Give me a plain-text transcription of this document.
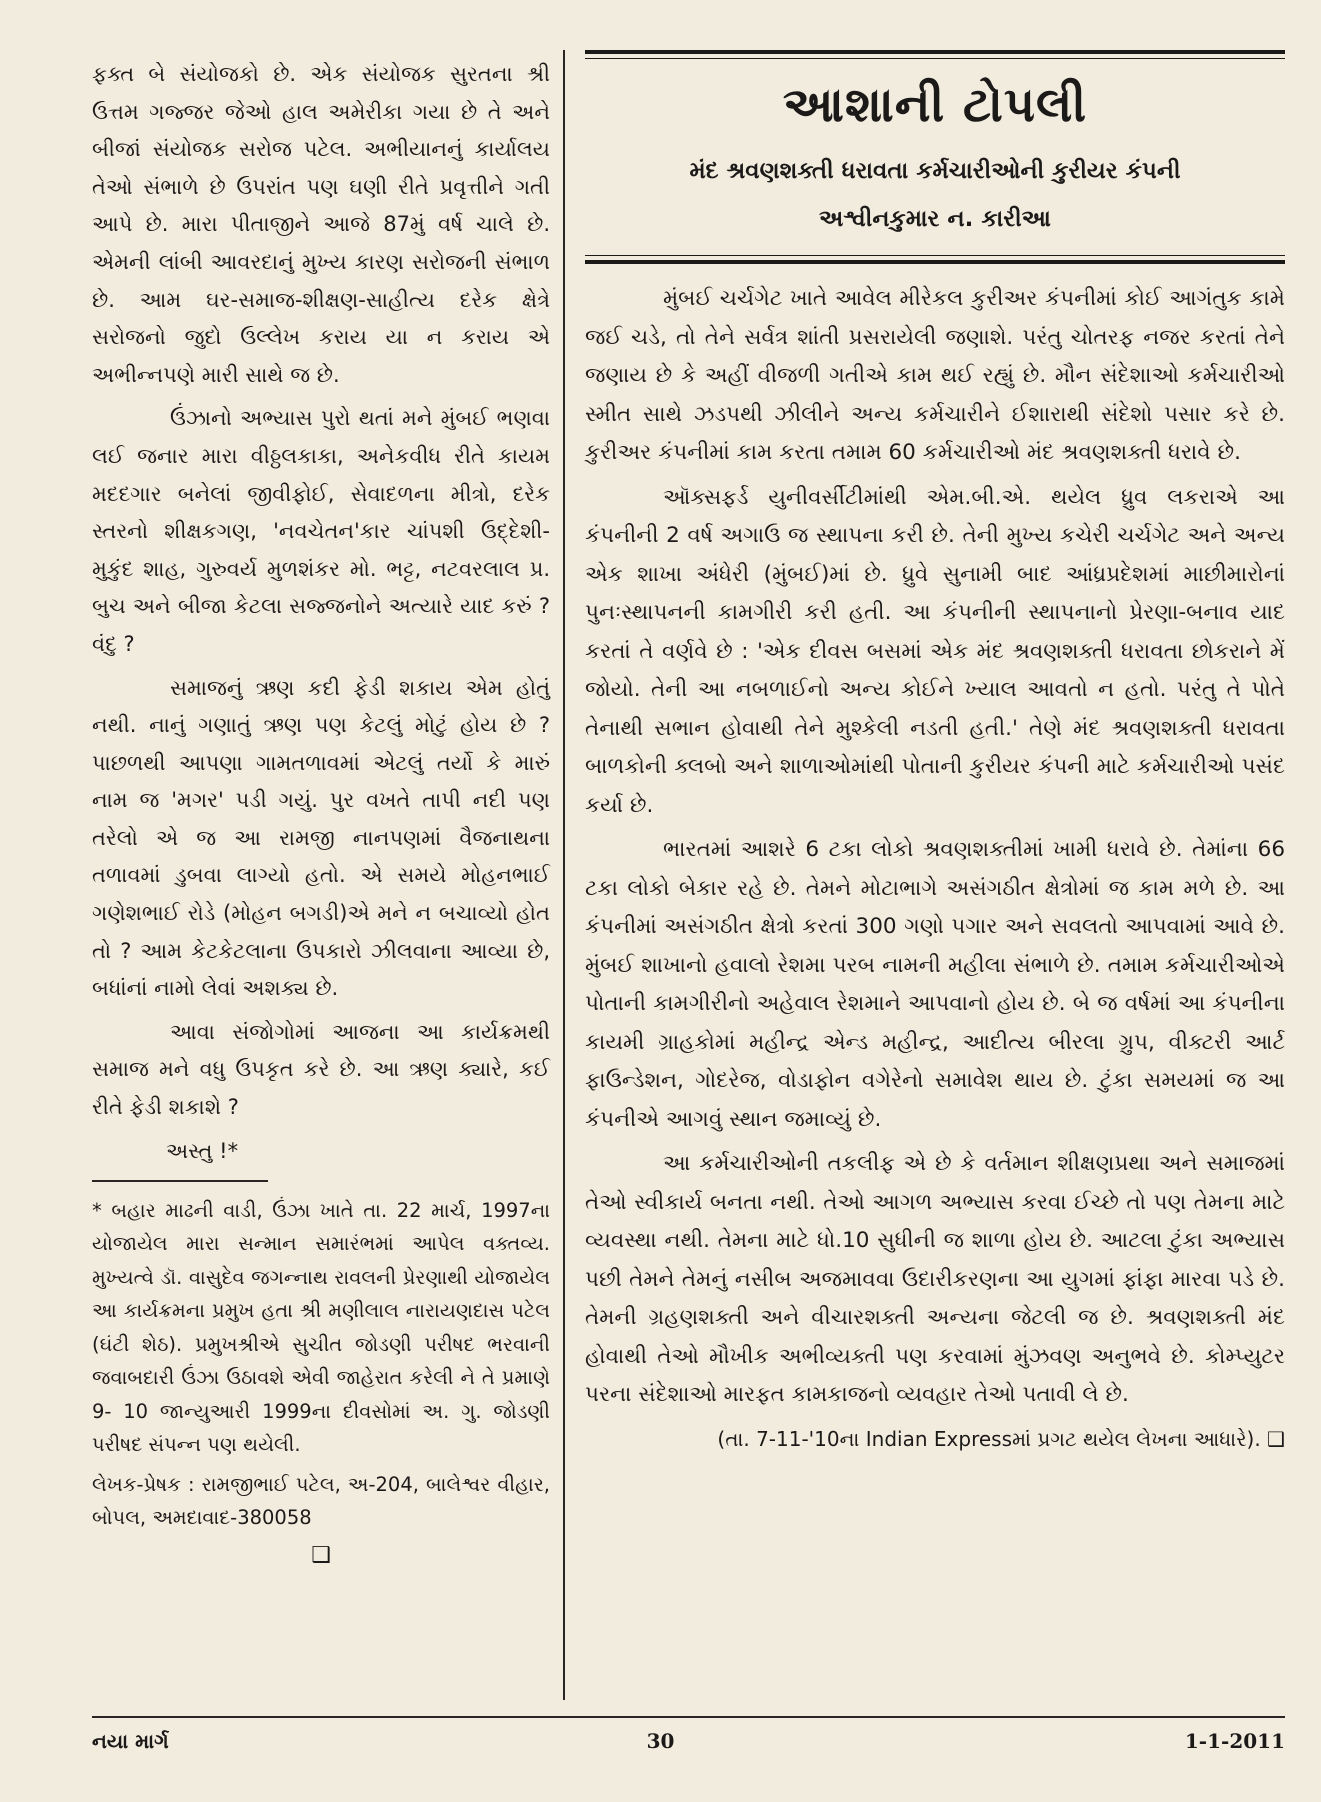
ફક્ત બે સંયોજકો છે. એક સંયોજક સુરતના શ્રી ઉત્તમ ગજ્જર જેઓ હાલ અમેરીકા ગયા છે તે અને બીજાં સંયોજક સરોજ પટેલ. અભીયાનનું કાર્યાલય તેઓ સંભાળે છે ઉપરાંત પણ ઘણી રીતે પ્રવૃત્તીને ગતી આપે છે. મારા પીતાજીને આજે 87મું વર્ષ ચાલે છે. એમની લાંબી આવરદાનું મુખ્ય કારણ સરોજની સંભાળ છે. આમ ઘર-સમાજ-શીક્ષણ-સાહીત્ય દરેક ક્ષેત્રે સરોજનો જુદો ઉલ્લેખ કરાય યા ન કરાય એ અભીન્નપણે મારી સાથે જ છે.

ઉંઝાનો અભ્યાસ પુરો થતાં મને મુંબઈ ભણવા લઈ જનાર મારા વીઠ્ઠલકાકા, અનેકવીધ રીતે કાયમ મદદગાર બનેલાં જીવીફોઈ, સેવાદળના મીત્રો, દરેક સ્તરનો શીક્ષકગણ, 'નવચેતન'કાર ચાંપશી ઉદ્દેશી-મુકુંદ શાહ, ગુરુવર્ય મુળશંકર મો. ભટ્ટ, નટવરલાલ પ્ર. બુચ અને બીજા કેટલા સજ્જનોને અત્યારે યાદ કરું ? વંદુ ?

સમાજનું ઋણ કદી ફેડી શકાય એમ હોતું નથી. નાનું ગણાતું ઋણ પણ કેટલું મોટું હોય છે ? પાછળથી આપણા ગામતળાવમાં એટલું તર્યો કે મારું નામ જ 'મગર' પડી ગયું. પુર વખતે તાપી નદી પણ તરેલો એ જ આ રામજી નાનપણમાં વૈજનાથના તળાવમાં ડુબવા લાગ્યો હતો. એ સમયે મોહનભાઈ ગણેશભાઈ રોડે (મોહન બગડી)એ મને ન બચાવ્યો હોત તો ? આમ કેટકેટલાના ઉપકારો ઝીલવાના આવ્યા છે, બધાંનાં નામો લેવાં અશક્ય છે.

આવા સંજોગોમાં આજના આ કાર્યક્રમથી સમાજ મને વધુ ઉપકૃત કરે છે. આ ઋણ ક્યારે, કઈ રીતે ફેડી શકાશે ?

અસ્તુ !*

* બહાર માઢની વાડી, ઉંઝા ખાતે તા. 22 માર્ચ, 1997ના યોજાયેલ મારા સન્માન સમારંભમાં આપેલ વક્તવ્ય. મુખ્યત્વે ડૉ. વાસુદેવ જગન્નાથ રાવલની પ્રેરણાથી યોજાયેલ આ કાર્યક્રમના પ્રમુખ હતા શ્રી મણીલાલ નારાયણદાસ પટેલ (ઘંટી શેઠ). પ્રમુખશ્રીએ સુચીત જોડણી પરીષદ ભરવાની જવાબદારી ઉંઝા ઉઠાવશે એવી જાહેરાત કરેલી ને તે પ્રમાણે 9- 10 જાન્યુઆરી 1999ના દીવસોમાં અ. ગુ. જોડણી પરીષદ સંપન્ન પણ થયેલી.

લેખક-પ્રેષક : રામજીભાઈ પટેલ, અ-204, બાલેશ્વર વીહાર, બોપલ, અમદાવાદ-380058

❑
આશાની ટોપલી
મંદ શ્રવણશક્તી ધરાવતા કર્મચારીઓની કુરીયર કંપની
અશ્વીનકુમાર ન. કારીઆ

મુંબઈ ચર્ચગેટ ખાતે આવેલ મીરેકલ કુરીઅર કંપનીમાં કોઈ આગંતુક કામે જઈ ચડે, તો તેને સર્વત્ર શાંતી પ્રસરાયેલી જણાશે. પરંતુ ચોતરફ નજર કરતાં તેને જણાય છે કે અહીં વીજળી ગતીએ કામ થઈ રહ્યું છે. મૌન સંદેશાઓ કર્મચારીઓ સ્મીત સાથે ઝડપથી ઝીલીને અન્ય કર્મચારીને ઈશારાથી સંદેશો પસાર કરે છે. કુરીઅર કંપનીમાં કામ કરતા તમામ 60 કર્મચારીઓ મંદ શ્રવણશક્તી ધરાવે છે.

ઑક્સફર્ડ યુનીવર્સીટીમાંથી એમ.બી.એ. થયેલ ધ્રુવ લકરાએ આ કંપનીની 2 વર્ષ અગાઉ જ સ્થાપના કરી છે. તેની મુખ્ય કચેરી ચર્ચગેટ અને અન્ય એક શાખા અંધેરી (મુંબઈ)માં છે. ધ્રુવે સુનામી બાદ આંધ્રપ્રદેશમાં માછીમારોનાં પુનઃસ્થાપનની કામગીરી કરી હતી. આ કંપનીની સ્થાપનાનો પ્રેરણા-બનાવ યાદ કરતાં તે વર્ણવે છે : 'એક દીવસ બસમાં એક મંદ શ્રવણશક્તી ધરાવતા છોકરાને મેં જોયો. તેની આ નબળાઈનો અન્ય કોઈને ખ્યાલ આવતો ન હતો. પરંતુ તે પોતે તેનાથી સભાન હોવાથી તેને મુશ્કેલી નડતી હતી.' તેણે મંદ શ્રવણશક્તી ધરાવતા બાળકોની ક્લબો અને શાળાઓમાંથી પોતાની કુરીયર કંપની માટે કર્મચારીઓ પસંદ કર્યા છે.

ભારતમાં આશરે 6 ટકા લોકો શ્રવણશક્તીમાં ખામી ધરાવે છે. તેમાંના 66 ટકા લોકો બેકાર રહે છે. તેમને મોટાભાગે અસંગઠીત ક્ષેત્રોમાં જ કામ મળે છે. આ કંપનીમાં અસંગઠીત ક્ષેત્રો કરતાં 300 ગણો પગાર અને સવલતો આપવામાં આવે છે. મુંબઈ શાખાનો હવાલો રેશમા પરબ નામની મહીલા સંભાળે છે. તમામ કર્મચારીઓએ પોતાની કામગીરીનો અહેવાલ રેશમાને આપવાનો હોય છે. બે જ વર્ષમાં આ કંપનીના કાયમી ગ્રાહકોમાં મહીન્દ્ર એન્ડ મહીન્દ્ર, આદીત્ય બીરલા ગ્રુપ, વીક્ટરી આર્ટ ફાઉન્ડેશન, ગોદરેજ, વોડાફોન વગેરેનો સમાવેશ થાય છે. ટુંકા સમયમાં જ આ કંપનીએ આગવું સ્થાન જમાવ્યું છે.

આ કર્મચારીઓની તકલીફ એ છે કે વર્તમાન શીક્ષણપ્રથા અને સમાજમાં તેઓ સ્વીકાર્ય બનતા નથી. તેઓ આગળ અભ્યાસ કરવા ઈચ્છે તો પણ તેમના માટે વ્યવસ્થા નથી. તેમના માટે ધો.10 સુધીની જ શાળા હોય છે. આટલા ટુંકા અભ્યાસ પછી તેમને તેમનું નસીબ અજમાવવા ઉદારીકરણના આ યુગમાં ફાંફા મારવા પડે છે. તેમની ગ્રહણશક્તી અને વીચારશક્તી અન્યના જેટલી જ છે. શ્રવણશક્તી મંદ હોવાથી તેઓ મૌખીક અભીવ્યક્તી પણ કરવામાં મુંઝવણ અનુભવે છે. કોમ્પ્યુટર પરના સંદેશાઓ મારફત કામકાજનો વ્યવહાર તેઓ પતાવી લે છે.

(તા. 7-11-'10ના Indian Expressમાં પ્રગટ થયેલ લેખના આધારે). ❑
નયા માર્ગ	30	1-1-2011
